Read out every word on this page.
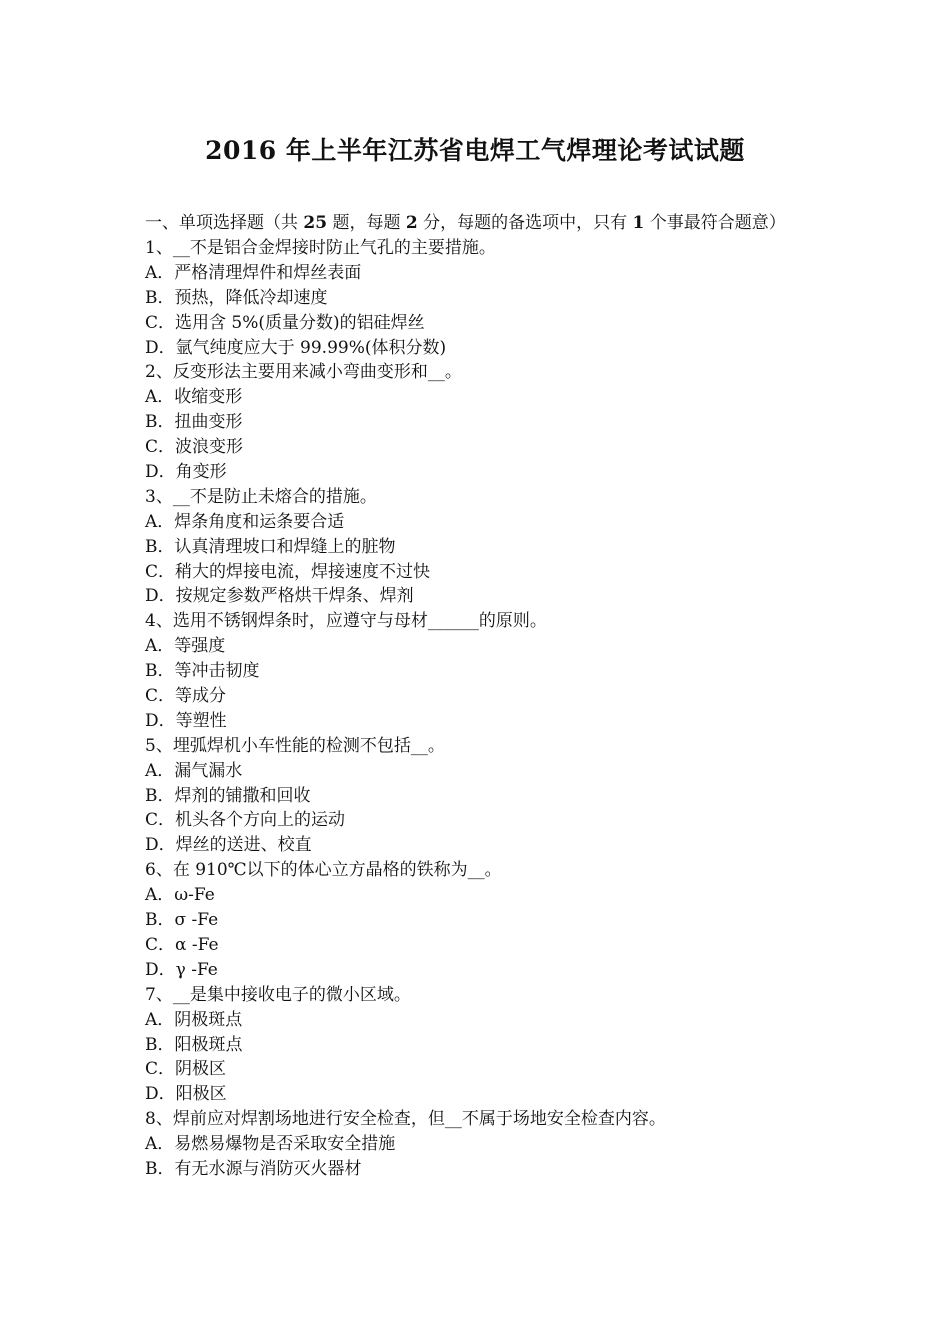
2016 年上半年江苏省电焊工气焊理论考试试题
一、单项选择题（共 25 题，每题 2 分，每题的备选项中，只有 1 个事最符合题意）
1、__不是铝合金焊接时防止气孔的主要措施。
A．严格清理焊件和焊丝表面
B．预热，降低冷却速度
C．选用含 5%(质量分数)的铝硅焊丝
D．氩气纯度应大于 99.99%(体积分数)
2、反变形法主要用来减小弯曲变形和__。
A．收缩变形
B．扭曲变形
C．波浪变形
D．角变形
3、__不是防止未熔合的措施。
A．焊条角度和运条要合适
B．认真清理坡口和焊缝上的脏物
C．稍大的焊接电流，焊接速度不过快
D．按规定参数严格烘干焊条、焊剂
4、选用不锈钢焊条时，应遵守与母材______的原则。
A．等强度
B．等冲击韧度
C．等成分
D．等塑性
5、埋弧焊机小车性能的检测不包括__。
A．漏气漏水
B．焊剂的铺撒和回收
C．机头各个方向上的运动
D．焊丝的送进、校直
6、在 910℃以下的体心立方晶格的铁称为__。
A．ω-Fe
B．σ -Fe
C．α -Fe
D．γ -Fe
7、__是集中接收电子的微小区域。
A．阴极斑点
B．阳极斑点
C．阴极区
D．阳极区
8、焊前应对焊割场地进行安全检查，但__不属于场地安全检查内容。
A．易燃易爆物是否采取安全措施
B．有无水源与消防灭火器材
